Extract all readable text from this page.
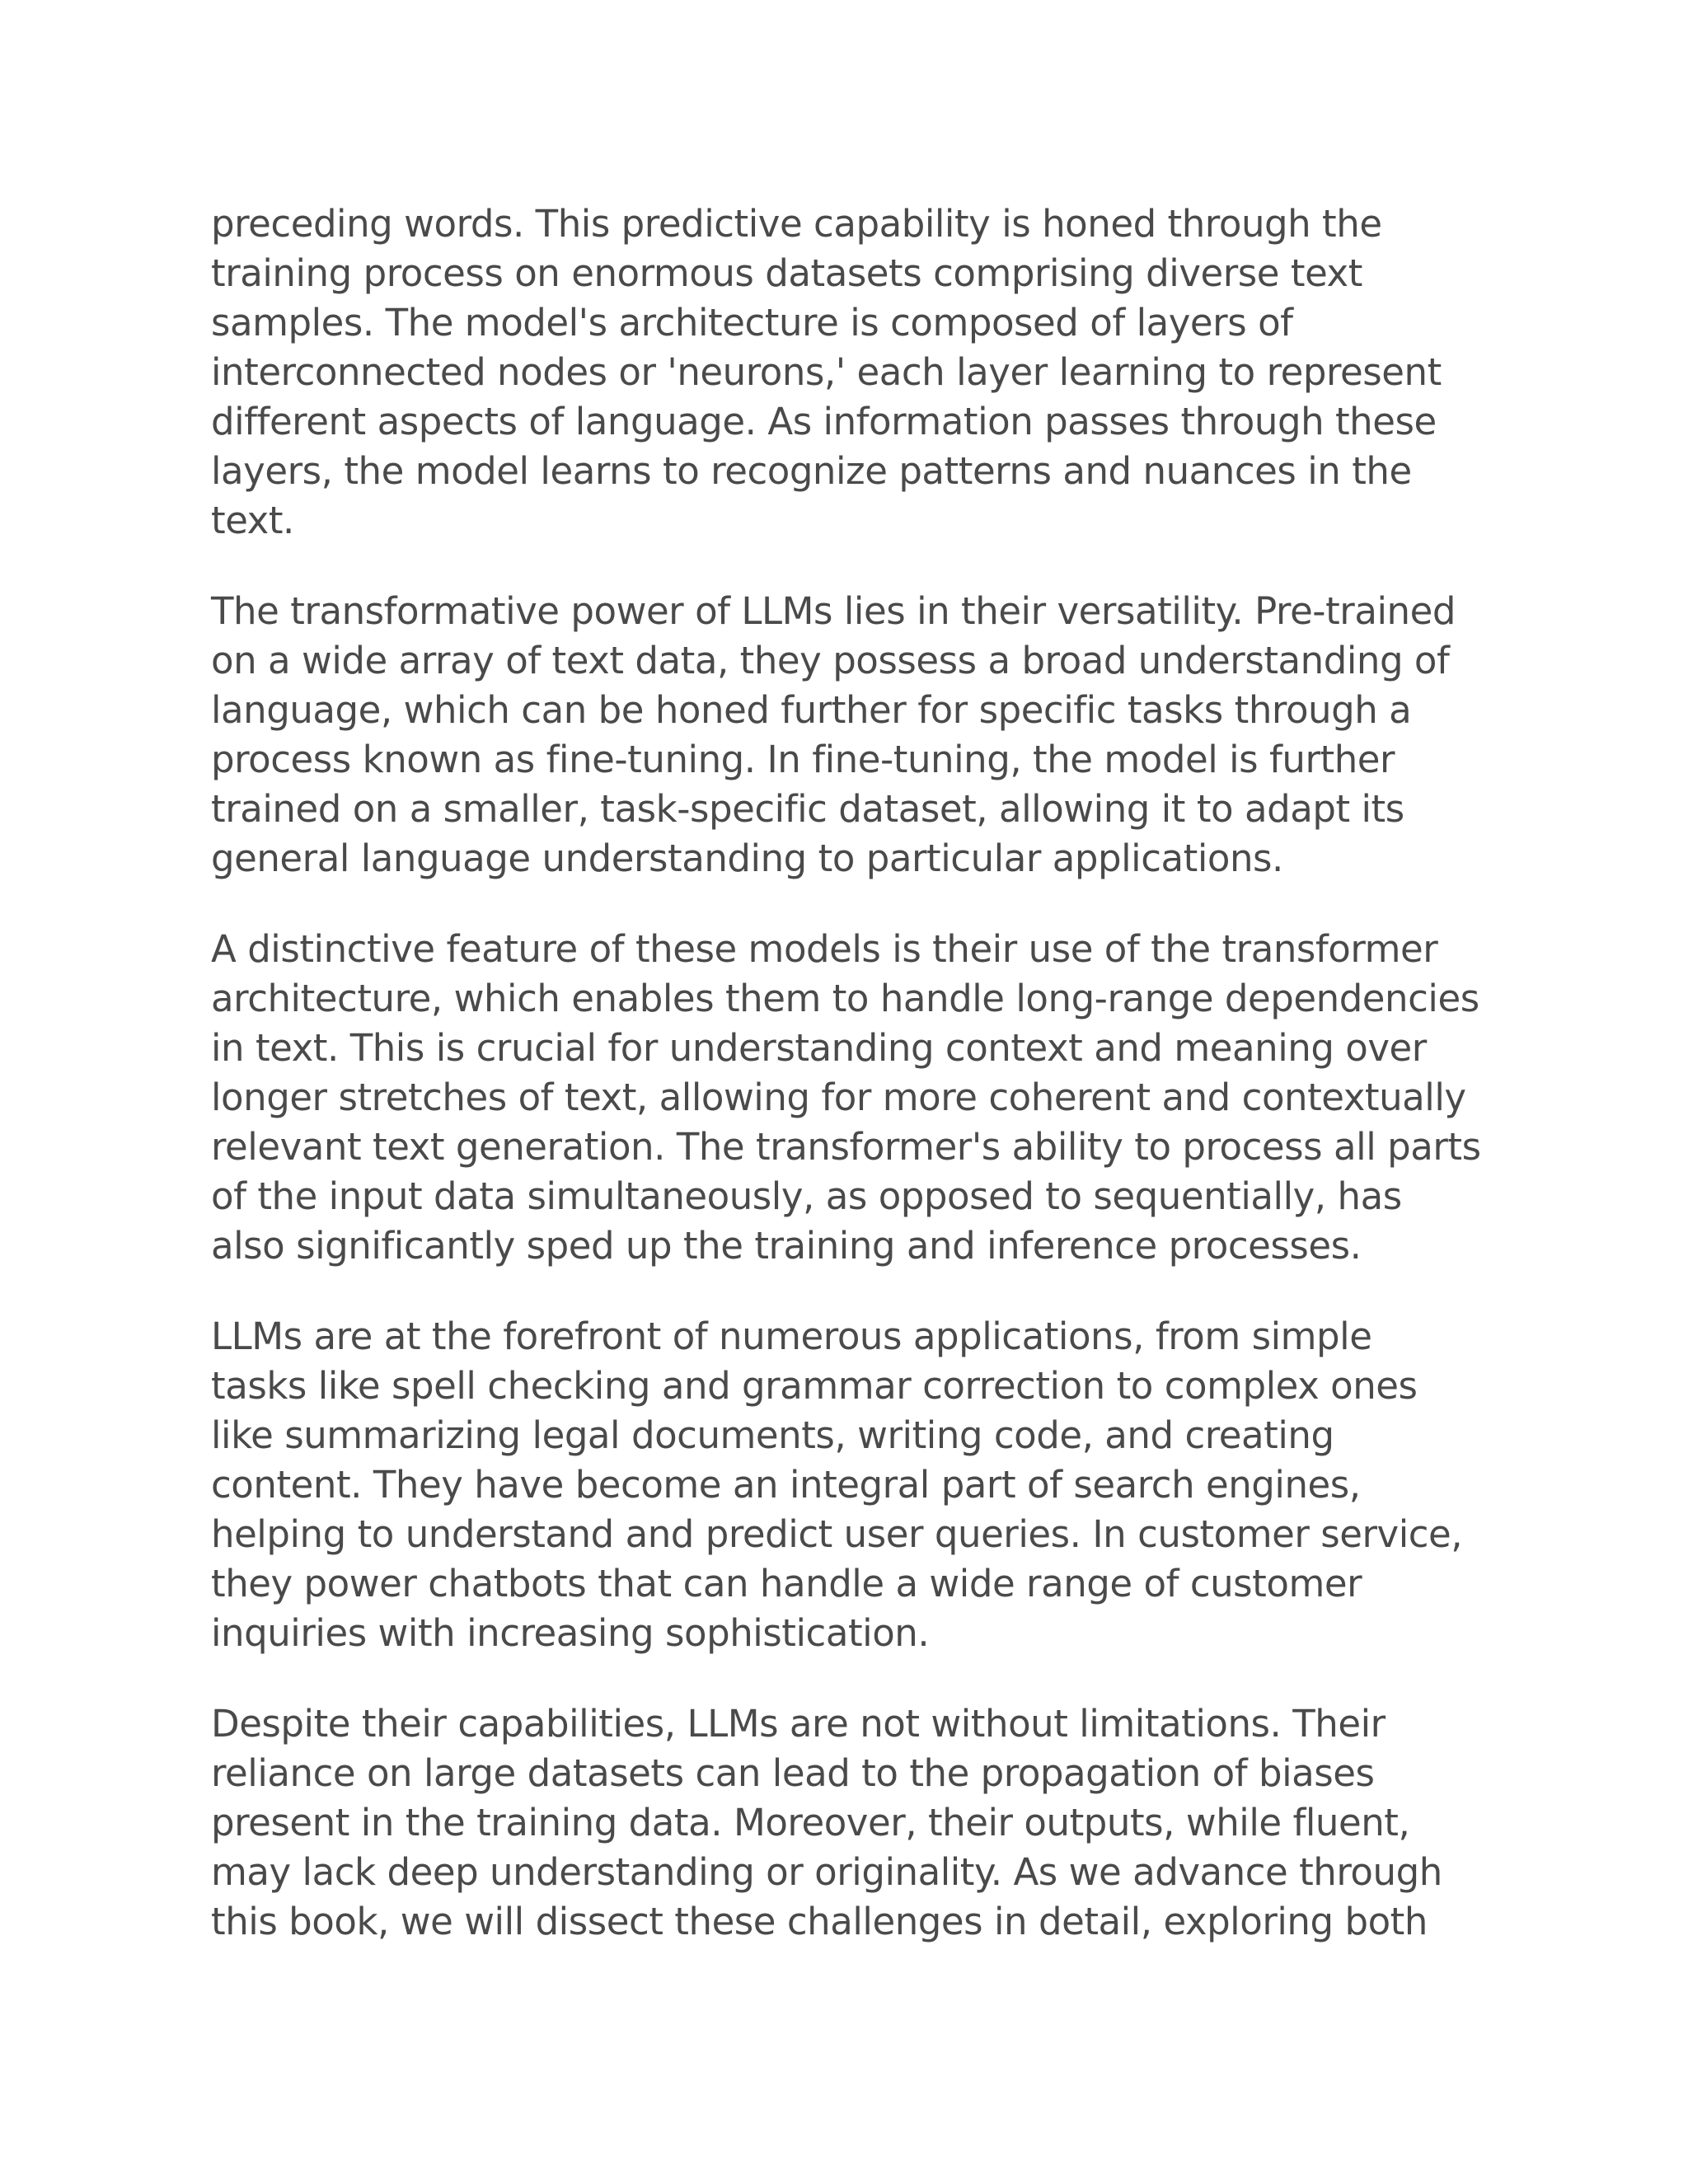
preceding words. This predictive capability is honed through the
training process on enormous datasets comprising diverse text
samples. The model's architecture is composed of layers of
interconnected nodes or 'neurons,' each layer learning to represent
different aspects of language. As information passes through these
layers, the model learns to recognize patterns and nuances in the
text.
The transformative power of LLMs lies in their versatility. Pre-trained
on a wide array of text data, they possess a broad understanding of
language, which can be honed further for specific tasks through a
process known as fine-tuning. In fine-tuning, the model is further
trained on a smaller, task-specific dataset, allowing it to adapt its
general language understanding to particular applications.
A distinctive feature of these models is their use of the transformer
architecture, which enables them to handle long-range dependencies
in text. This is crucial for understanding context and meaning over
longer stretches of text, allowing for more coherent and contextually
relevant text generation. The transformer's ability to process all parts
of the input data simultaneously, as opposed to sequentially, has
also significantly sped up the training and inference processes.
LLMs are at the forefront of numerous applications, from simple
tasks like spell checking and grammar correction to complex ones
like summarizing legal documents, writing code, and creating
content. They have become an integral part of search engines,
helping to understand and predict user queries. In customer service,
they power chatbots that can handle a wide range of customer
inquiries with increasing sophistication.
Despite their capabilities, LLMs are not without limitations. Their
reliance on large datasets can lead to the propagation of biases
present in the training data. Moreover, their outputs, while fluent,
may lack deep understanding or originality. As we advance through
this book, we will dissect these challenges in detail, exploring both
